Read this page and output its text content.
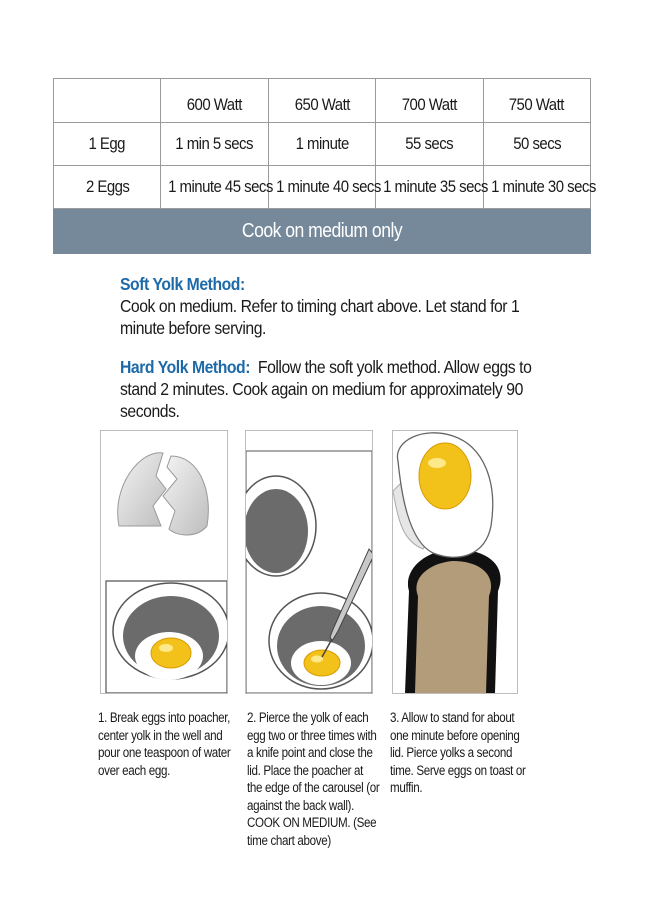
	600 Watt	650 Watt	700 Watt	750 Watt
1 Egg	1 min 5 secs	1 minute	55 secs	50 secs
2 Eggs	1 minute 45 secs	1 minute 40 secs	1 minute 35 secs	1 minute 30 secs
Cook on medium only				
Soft Yolk Method:
Cook on medium. Refer to timing chart above. Let stand for 1 minute before serving.
Hard Yolk Method: Follow the soft yolk method. Allow eggs to stand 2 minutes. Cook again on medium for approximately 90 seconds.

1. Break eggs into poacher, center yolk in the well and pour one teaspoon of water over each egg.

2. Pierce the yolk of each egg two or three times with a knife point and close the lid. Place the poacher at the edge of the carousel (or against the back wall). COOK ON MEDIUM. (See time chart above)

3. Allow to stand for about one minute before opening lid. Pierce yolks a second time. Serve eggs on toast or muffin.
